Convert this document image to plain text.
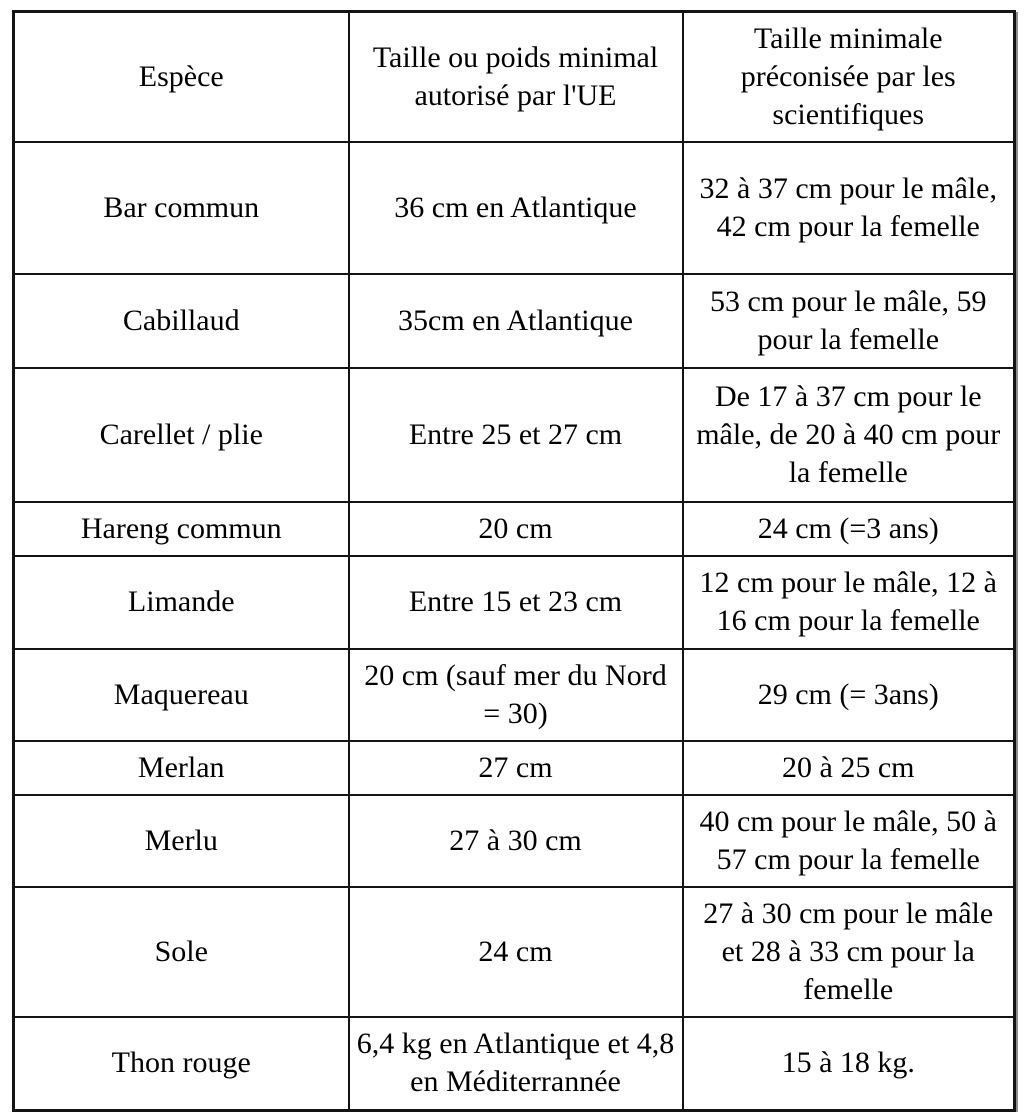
Espèce	Taille ou poids minimal autorisé par l'UE	Taille minimale préconisée par les scientifiques

Bar commun	36 cm en Atlantique	32 à 37 cm pour le mâle, 42 cm pour la femelle

Cabillaud	35cm en Atlantique	53 cm pour le mâle, 59 pour la femelle

Carellet / plie	Entre 25 et 27 cm	De 17 à 37 cm pour le mâle, de 20 à 40 cm pour la femelle

Hareng commun	20 cm	24 cm (=3 ans)

Limande	Entre 15 et 23 cm	12 cm pour le mâle, 12 à 16 cm pour la femelle

Maquereau	20 cm (sauf mer du Nord = 30)	29 cm (= 3ans)

Merlan	27 cm	20 à 25 cm

Merlu	27 à 30 cm	40 cm pour le mâle, 50 à 57 cm pour la femelle

Sole	24 cm	27 à 30 cm pour le mâle et 28 à 33 cm pour la femelle

Thon rouge	6,4 kg en Atlantique et 4,8 en Méditerrannée	15 à 18 kg.
